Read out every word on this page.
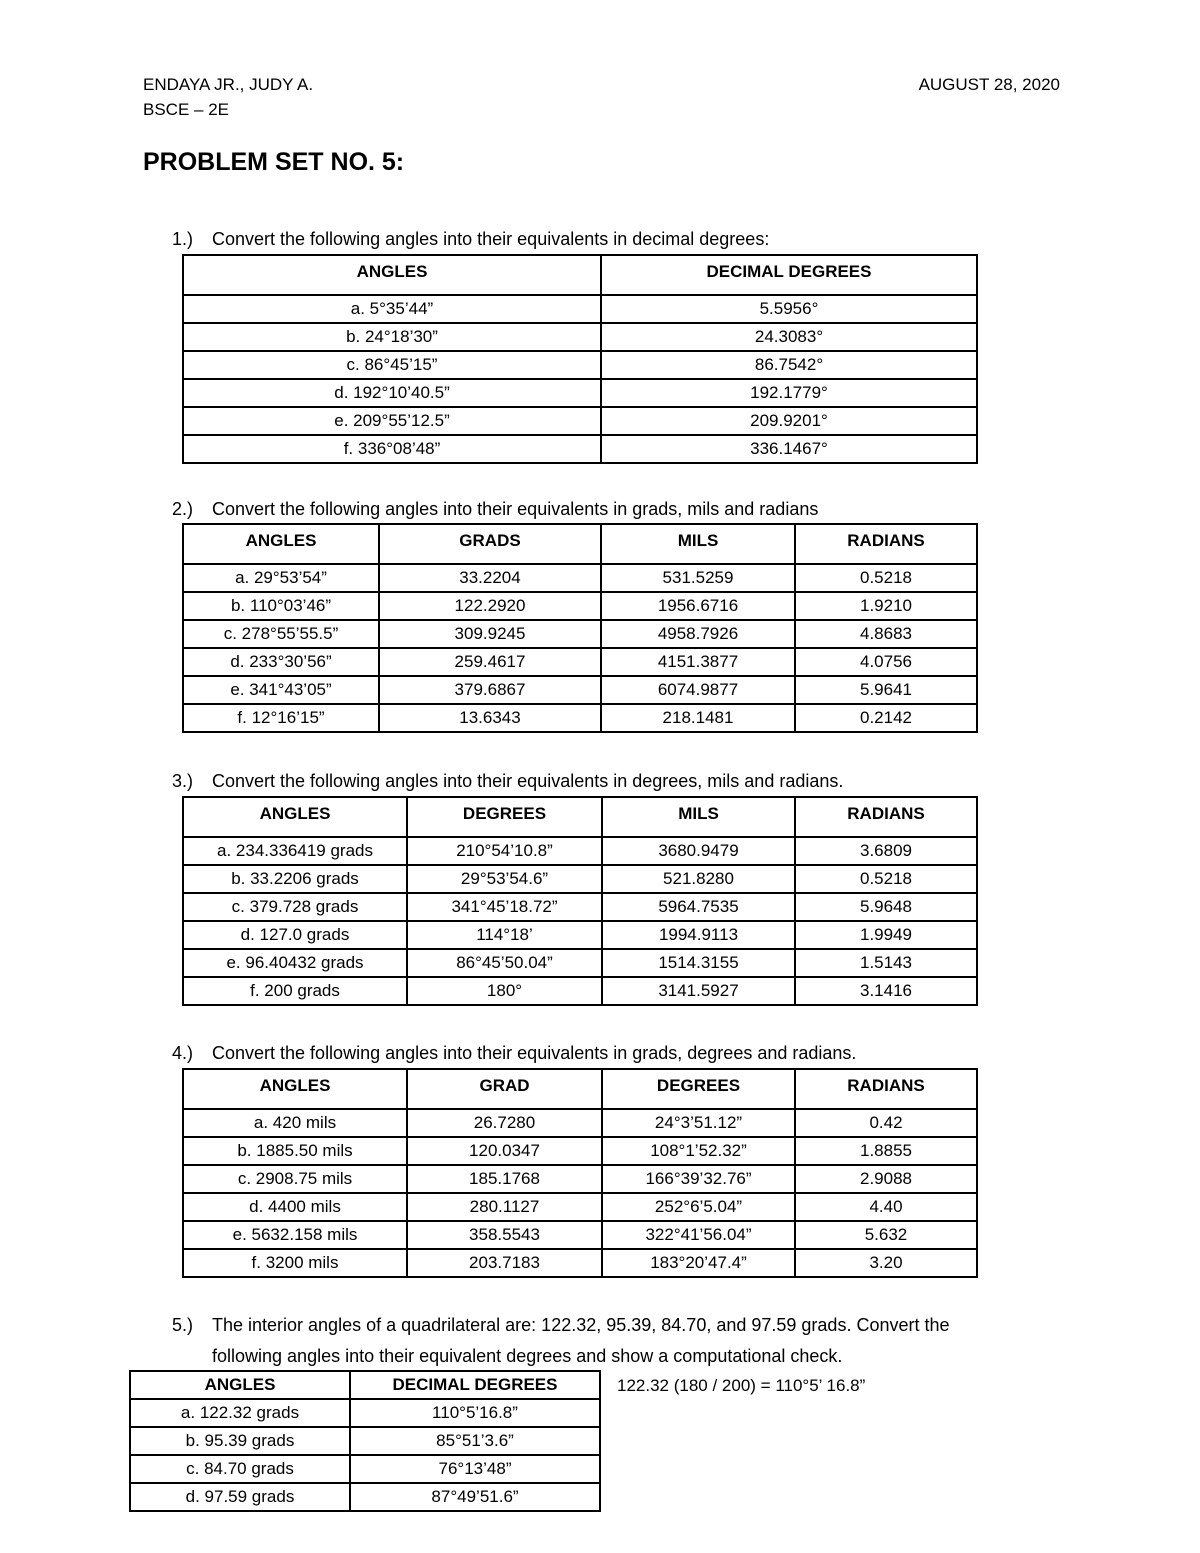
ENDAYA JR., JUDY A.
BSCE – 2E
AUGUST 28, 2020
PROBLEM SET NO. 5:
1.) Convert the following angles into their equivalents in decimal degrees:
ANGLES	DECIMAL DEGREES
a. 5°35’44”	5.5956°
b. 24°18’30”	24.3083°
c. 86°45’15”	86.7542°
d. 192°10’40.5”	192.1779°
e. 209°55’12.5”	209.9201°
f. 336°08’48”	336.1467°
2.) Convert the following angles into their equivalents in grads, mils and radians
ANGLES	GRADS	MILS	RADIANS
a. 29°53’54”	33.2204	531.5259	0.5218
b. 110°03’46”	122.2920	1956.6716	1.9210
c. 278°55’55.5”	309.9245	4958.7926	4.8683
d. 233°30’56”	259.4617	4151.3877	4.0756
e. 341°43’05”	379.6867	6074.9877	5.9641
f. 12°16’15”	13.6343	218.1481	0.2142
3.) Convert the following angles into their equivalents in degrees, mils and radians.
ANGLES	DEGREES	MILS	RADIANS
a. 234.336419 grads	210°54’10.8”	3680.9479	3.6809
b. 33.2206 grads	29°53’54.6”	521.8280	0.5218
c. 379.728 grads	341°45’18.72”	5964.7535	5.9648
d. 127.0 grads	114°18’	1994.9113	1.9949
e. 96.40432 grads	86°45’50.04”	1514.3155	1.5143
f. 200 grads	180°	3141.5927	3.1416
4.) Convert the following angles into their equivalents in grads, degrees and radians.
ANGLES	GRAD	DEGREES	RADIANS
a. 420 mils	26.7280	24°3’51.12”	0.42
b. 1885.50 mils	120.0347	108°1’52.32”	1.8855
c. 2908.75 mils	185.1768	166°39’32.76”	2.9088
d. 4400 mils	280.1127	252°6’5.04”	4.40
e. 5632.158 mils	358.5543	322°41’56.04”	5.632
f. 3200 mils	203.7183	183°20’47.4”	3.20
5.) The interior angles of a quadrilateral are: 122.32, 95.39, 84.70, and 97.59 grads. Convert the
following angles into their equivalent degrees and show a computational check.
ANGLES	DECIMAL DEGREES
a. 122.32 grads	110°5’16.8”
b. 95.39 grads	85°51’3.6”
c. 84.70 grads	76°13’48”
d. 97.59 grads	87°49’51.6”
122.32 (180 / 200) = 110°5’ 16.8”
